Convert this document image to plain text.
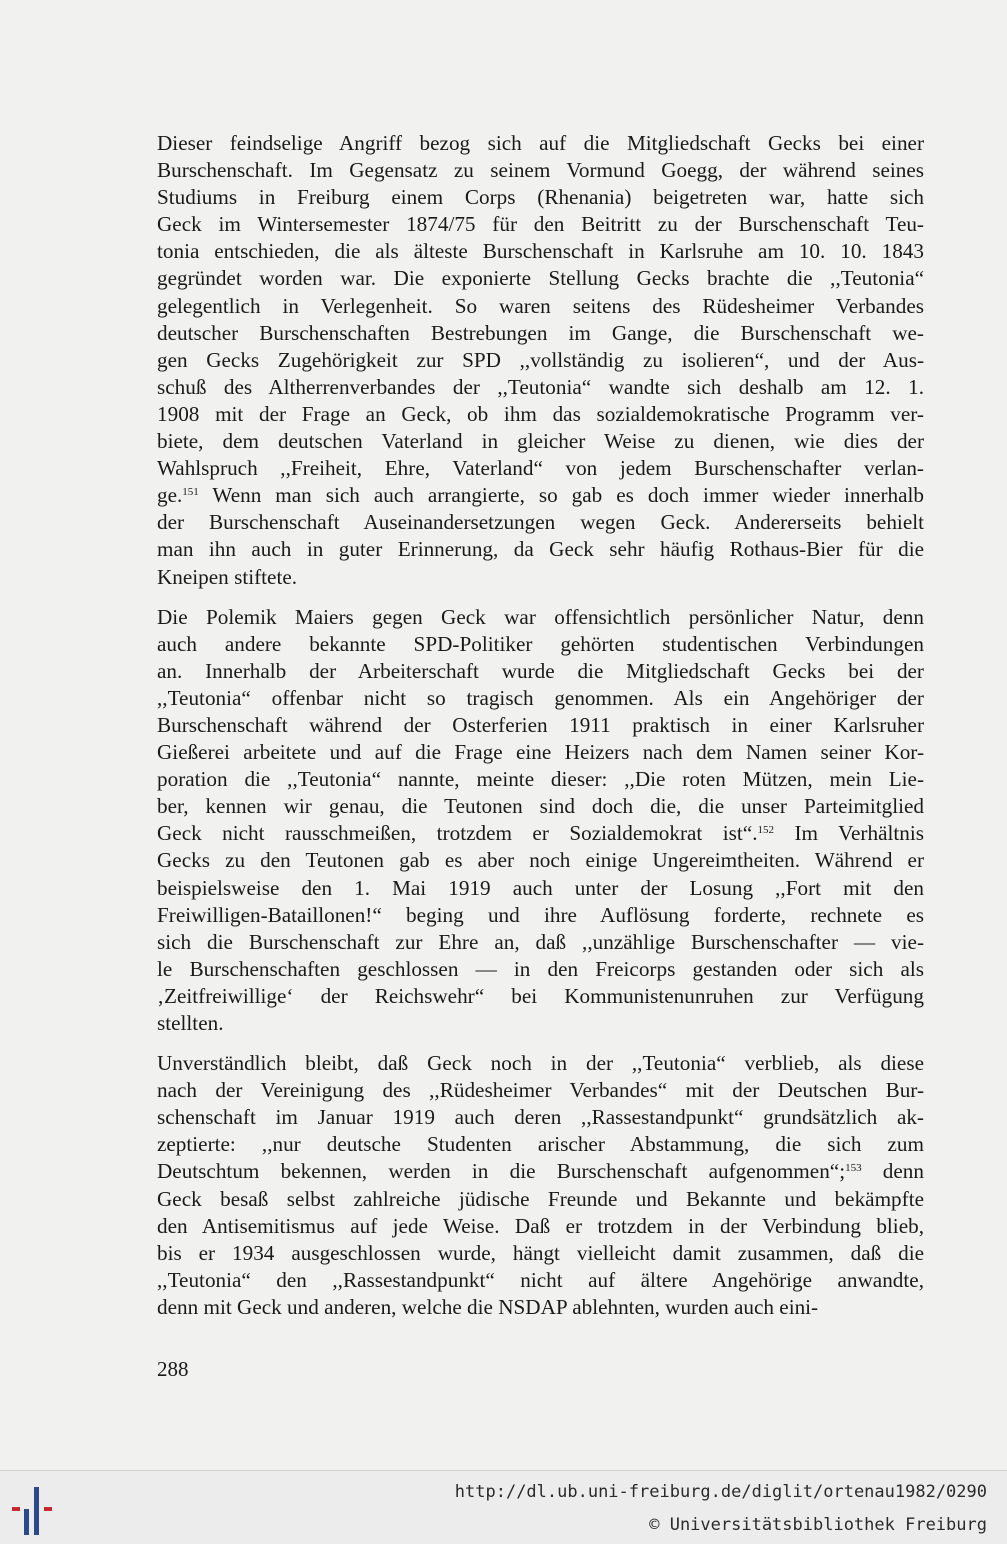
Dieser feindselige Angriff bezog sich auf die Mitgliedschaft Gecks bei einer
Burschenschaft. Im Gegensatz zu seinem Vormund Goegg, der während seines
Studiums in Freiburg einem Corps (Rhenania) beigetreten war, hatte sich
Geck im Wintersemester 1874/75 für den Beitritt zu der Burschenschaft Teu-
tonia entschieden, die als älteste Burschenschaft in Karlsruhe am 10. 10. 1843
gegründet worden war. Die exponierte Stellung Gecks brachte die ,,Teutonia“
gelegentlich in Verlegenheit. So waren seitens des Rüdesheimer Verbandes
deutscher Burschenschaften Bestrebungen im Gange, die Burschenschaft we-
gen Gecks Zugehörigkeit zur SPD ,,vollständig zu isolieren“, und der Aus-
schuß des Altherrenverbandes der ,,Teutonia“ wandte sich deshalb am 12. 1.
1908 mit der Frage an Geck, ob ihm das sozialdemokratische Programm ver-
biete, dem deutschen Vaterland in gleicher Weise zu dienen, wie dies der
Wahlspruch ,,Freiheit, Ehre, Vaterland“ von jedem Burschenschafter verlan-
ge.$^{151}$ Wenn man sich auch arrangierte, so gab es doch immer wieder innerhalb
der Burschenschaft Auseinandersetzungen wegen Geck. Andererseits behielt
man ihn auch in guter Erinnerung, da Geck sehr häufig Rothaus-Bier für die
Kneipen stiftete.
Die Polemik Maiers gegen Geck war offensichtlich persönlicher Natur, denn
auch andere bekannte SPD-Politiker gehörten studentischen Verbindungen
an. Innerhalb der Arbeiterschaft wurde die Mitgliedschaft Gecks bei der
,,Teutonia“ offenbar nicht so tragisch genommen. Als ein Angehöriger der
Burschenschaft während der Osterferien 1911 praktisch in einer Karlsruher
Gießerei arbeitete und auf die Frage eine Heizers nach dem Namen seiner Kor-
poration die ,,Teutonia“ nannte, meinte dieser: ,,Die roten Mützen, mein Lie-
ber, kennen wir genau, die Teutonen sind doch die, die unser Parteimitglied
Geck nicht rausschmeißen, trotzdem er Sozialdemokrat ist“.$^{152}$ Im Verhältnis
Gecks zu den Teutonen gab es aber noch einige Ungereimtheiten. Während er
beispielsweise den 1. Mai 1919 auch unter der Losung ,,Fort mit den
Freiwilligen-Bataillonen!“ beging und ihre Auflösung forderte, rechnete es
sich die Burschenschaft zur Ehre an, daß ,,unzählige Burschenschafter — vie-
le Burschenschaften geschlossen — in den Freicorps gestanden oder sich als
‚Zeitfreiwillige‘ der Reichswehr“ bei Kommunistenunruhen zur Verfügung
stellten.
Unverständlich bleibt, daß Geck noch in der ,,Teutonia“ verblieb, als diese
nach der Vereinigung des ,,Rüdesheimer Verbandes“ mit der Deutschen Bur-
schenschaft im Januar 1919 auch deren ,,Rassestandpunkt“ grundsätzlich ak-
zeptierte: ,,nur deutsche Studenten arischer Abstammung, die sich zum
Deutschtum bekennen, werden in die Burschenschaft aufgenommen“;$^{153}$ denn
Geck besaß selbst zahlreiche jüdische Freunde und Bekannte und bekämpfte
den Antisemitismus auf jede Weise. Daß er trotzdem in der Verbindung blieb,
bis er 1934 ausgeschlossen wurde, hängt vielleicht damit zusammen, daß die
,,Teutonia“ den ,,Rassestandpunkt“ nicht auf ältere Angehörige anwandte,
denn mit Geck und anderen, welche die NSDAP ablehnten, wurden auch eini-
288
http://dl.ub.uni-freiburg.de/diglit/ortenau1982/0290
© Universitätsbibliothek Freiburg
